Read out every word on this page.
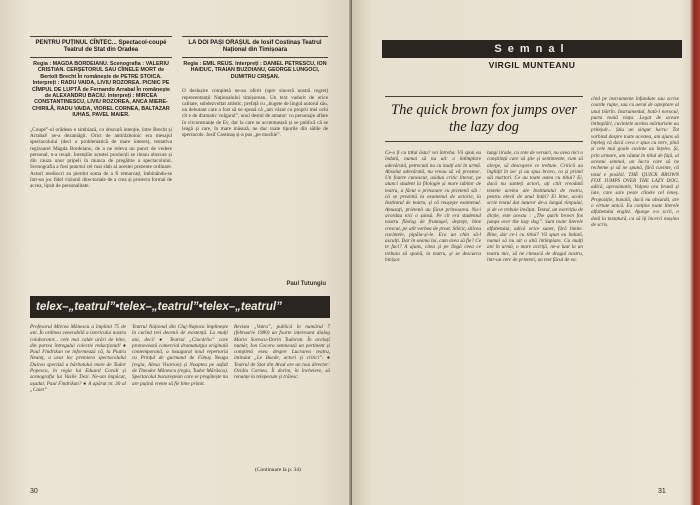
PENTRU PUȚINUL CÎNTEC... Spectacol-coupé Teatrul de Stat din Oradea
Regia : MAGDA BORDEIANU. Scenografia : VALERIU CRISTIAN. CERȘETORUL SAU CÎINELE MORT de Bertolt Brecht În românește de PETRE STOICA. Interpreți : RADU VAIDA, LIVIU ROZOREA. PICNIC PE CÎMPUL DE LUPTĂ de Fernando Arrabal În românește de ALEXANDRU BACIU. Interpreți : MIRCEA CONSTANTINESCU, LIVIU ROZOREA, ANCA MIERE-CHIRILĂ, RADU VAIDA, VIOREL CORNEA, BALTAZAR IUHAS, PAVEL MAIER.
„Coupé”-ul orădean o simbiază, cu obscură intenție, între Brecht și Arrabal! ne-a dezamăgit. Orict de antirăzboinic era mesajul spectacolului (deci o problematică de mare interes), tentativa regizoarei Magda Bordeianu, de a ne releva un punct de vedere personal, n-a reușit. Intențiile acestei producții se rimau obscure și din cauza unor pripeli în munca de pregătire a spectacolului. Scenografia a fost punctul cel mai slab al acestei prezente ordinare. Actori mediocri au pierdut soma de a fi remarcați, îmbinându-se într-un joc fidel viziunii directoriale de a crea și proiecta formal de accea, lipsit de personalitate.
LA DOI PAȘI ORAȘUL de Iosif Costinaș Teatrul Național din Timișoara
Regia : EMIL REUS. Interpreți : DANIEL PETRESCU, ION HAIDUC, TRAIAN BUZOIANU, GEORGE LUNGOCI, DUMITRU CRIȘAN.
O deslușire completă ne-au oferit (spre sinceră nostră regret) reprezentanții Naționalului timișorean. Un text vadurit de orice calitate, subdezvoltat artistic, prefață cu „bugete de lingul autorul său, un debutant care a fost să ne spună că „am văzut cu proprii mei ochi cît e de dramatic vulgarul”, unul destul de amator: cu personaje aflate în circumstanțe de Ev, dar la care se accentuează și se publică că se leagă și care, în mare măsură, ne duc toate tipurile din sălile de spectacole. Iosif Costinaș și-a pus „pe muchie”.
Paul Tutungiu
telex–„teatrul”•telex–„teatrul”•telex–„teatrul”
Profesorul Mircea Mănescu a împlinit 75 de ani. În ordinea venerabilă a istoricului nostru colaborator... cele mai calde urări de bine, din partea întregului colectiv redacțional! ● Paul Findrikan ne informează că, la Piatra Neamț, a avut loc premiera spectacolului Dulcea spectiză a bărbatului mare de Tudor Popescu, în regia lui Eduard Covali și scenografia lui Vasile Tiezi. Ne-am împăcat, așadar, Paul Findrikan? ● A apărut nr. 30 al „Caiet”
Teatrul Național din Cluj-Napoca împlinește în curînd trei decenii de existență. La mulți ani, deci! ● Teatrul „Ciocârlia” care promovează comercial dramaturgia originală contemporană, a inaugurat noul repertoriu cu Prințul de gurmand de Fănuș Neagu (regia, Alexa Visarion) și Noaptea pe asfalt de Theodor Mănescu (regia, Tudor Mărăscu). Spectacolul bucureștean care se pregătește nu are puțină vreme să fie bine primit.
Revista „Vatra”, publică în numărul 7 (februarie 1980) un foarte interesant dialog Marin Sorescu-Dorin Tudoran. În același număr, Ion Cocora semnează un pertinent și completă eseu despre Lucrarea teatru, intitulat „Le Bucde, actori și critici”. ● Teatrul de Stat din Arad are un nou director: Ovidiu Cornea. Îi dorim, în încheiere, să renunțe la telepecum și trăiesc.
(Continuare la p. 34)
30
Semnal
VIRGIL MUNTEANU
The quick brown fox jumps over the lazy dog
Ce-o fi cu titlul ăsta? vei întreba. Vă spun eu îndată, numai să nu uit: o întîmplare adevărată, petrecută nu cu mulți ani în urmă. Absolut adevărată, nu vreau să vă prostesc. Un foarte cunoscut, asiduu critic literar, pe atunci student la filologie și mare iubitor de teatru, a făcut o prinsoare cu prietenii săi : că se prezintă la examenul de actorie, la Institutul de teatru, și că reușește examenul. Amuzați, prietenii au făcut prinsoarea. Nu-i acordau nici o șansă. Pe cît era studentul nostru filolog de frumușel, deștept, bine crescut, pe atît vorbea de prost. Stîlcit, stîlcea cuvintele, pipăia-și-le. Era un chin să-l asculți. Dar în seama lui, cum avea să fie? Ce te faci? A ajuns, citea și pe lîngă ceea ce trebuia să spună, la teatru, și se descurca binișor.
lungi tirade, cu rote de versuri, nu avea nici o conștiință care să știe și sentimente, cum să alerge, să descopere ce trebuie. Criticii au înghițit în sec și au spus bravo, ca și primii săi martori. Ce au toate astea cu titlul? Ei, dacă nu sunteți actori, ați citit vreodată textele acelea ale Institutului de teatru, pentru elevii de anul întâi? Ei bine, acolo scrie textul dat tuturor de-a lungul timpului, și de ce trebuie învățat. Textul, un exercițiu de dicție, este acesta : „The quick brown fox jumps over the lazy dog”. Sunt toate literele alfabetului, adică orice sunet, fără limite. Bine, dar ce-i cu titlul? Vă spun eu îndată, numai să nu uit o altă întîmplare. Cu mulți ani în urmă, o mare actriță, ne-a luat la un teatru mic, să ne citească de dragul nostru, într-un cerc de prieteni, un text făcut de ea.
cînd pe instrumente înfundate sau scrise coarde rupte, sau cu aerul de așteptare al unui bătrîn. Instrumentul, bată-l norocul, purta toată viața. Legat de aceste întîmplări, cuvintele acelea mărturisite au prilejuit... Știu un singur lucru: Tot vorbind despre toate acestea, am ajuns să înțeleg că dacă ceva e spus cu nerv, pînă și cele mai goale cuvinte au înțeles. Și, prin urmare, am căutat în titlul de față, al acestui semnal, un lucru care să ne recheme și să ne spună, fără cuvinte, că totul e posibil. THE QUICK BROWN FOX JUMPS OVER THE LAZY DOG, adică, aproximativ, Vulpea cea brună și iute, care sare peste cîinele cel leneș. Propoziție, banală, dacă nu absurdă, are o virtute unică. Ea conține toate literele alfabetului englez. Ajunge s-o scrii, o dată la tastatură, ca să îți încerci mașina de scris.
31
